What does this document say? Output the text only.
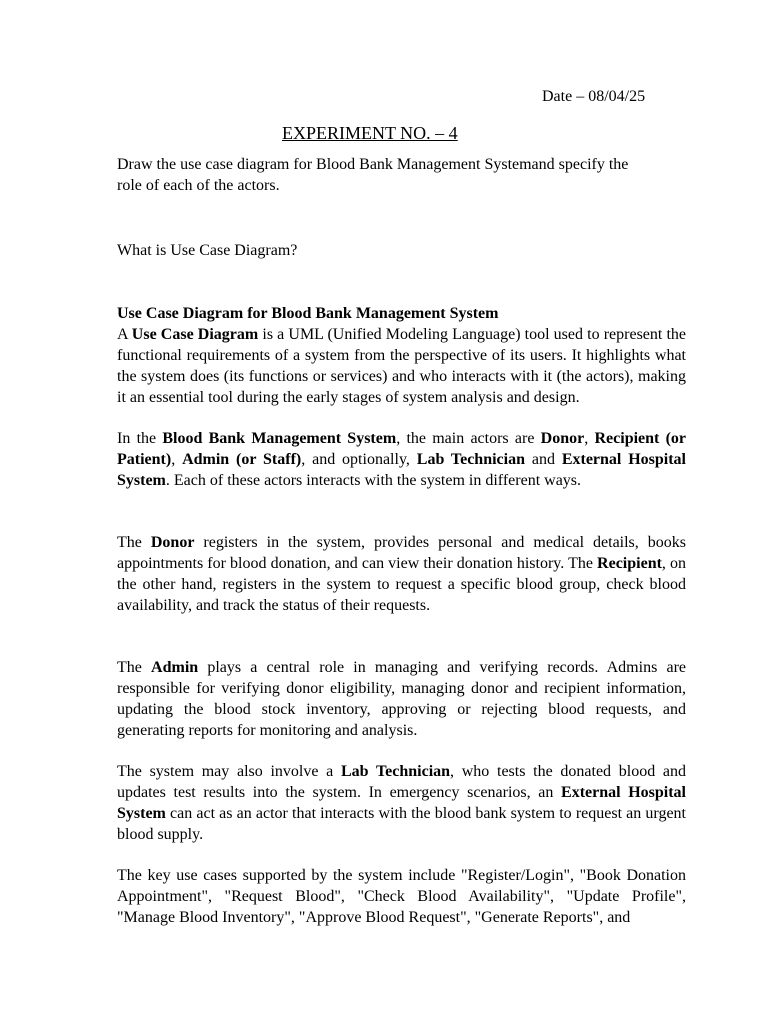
Date – 08/04/25
EXPERIMENT NO. – 4
Draw the use case diagram for Blood Bank Management Systemand specify the
role of each of the actors.
What is Use Case Diagram?
Use Case Diagram for Blood Bank Management System

A Use Case Diagram is a UML (Unified Modeling Language) tool used to represent the functional requirements of a system from the perspective of its users. It highlights what the system does (its functions or services) and who interacts with it (the actors), making it an essential tool during the early stages of system analysis and design.

In the Blood Bank Management System, the main actors are Donor, Recipient (or Patient), Admin (or Staff), and optionally, Lab Technician and External Hospital System. Each of these actors interacts with the system in different ways.

The Donor registers in the system, provides personal and medical details, books appointments for blood donation, and can view their donation history. The Recipient, on the other hand, registers in the system to request a specific blood group, check blood availability, and track the status of their requests.

The Admin plays a central role in managing and verifying records. Admins are responsible for verifying donor eligibility, managing donor and recipient information, updating the blood stock inventory, approving or rejecting blood requests, and generating reports for monitoring and analysis.

The system may also involve a Lab Technician, who tests the donated blood and updates test results into the system. In emergency scenarios, an External Hospital System can act as an actor that interacts with the blood bank system to request an urgent blood supply.

The key use cases supported by the system include "Register/Login", "Book Donation Appointment", "Request Blood", "Check Blood Availability", "Update Profile", "Manage Blood Inventory", "Approve Blood Request", "Generate Reports", and
